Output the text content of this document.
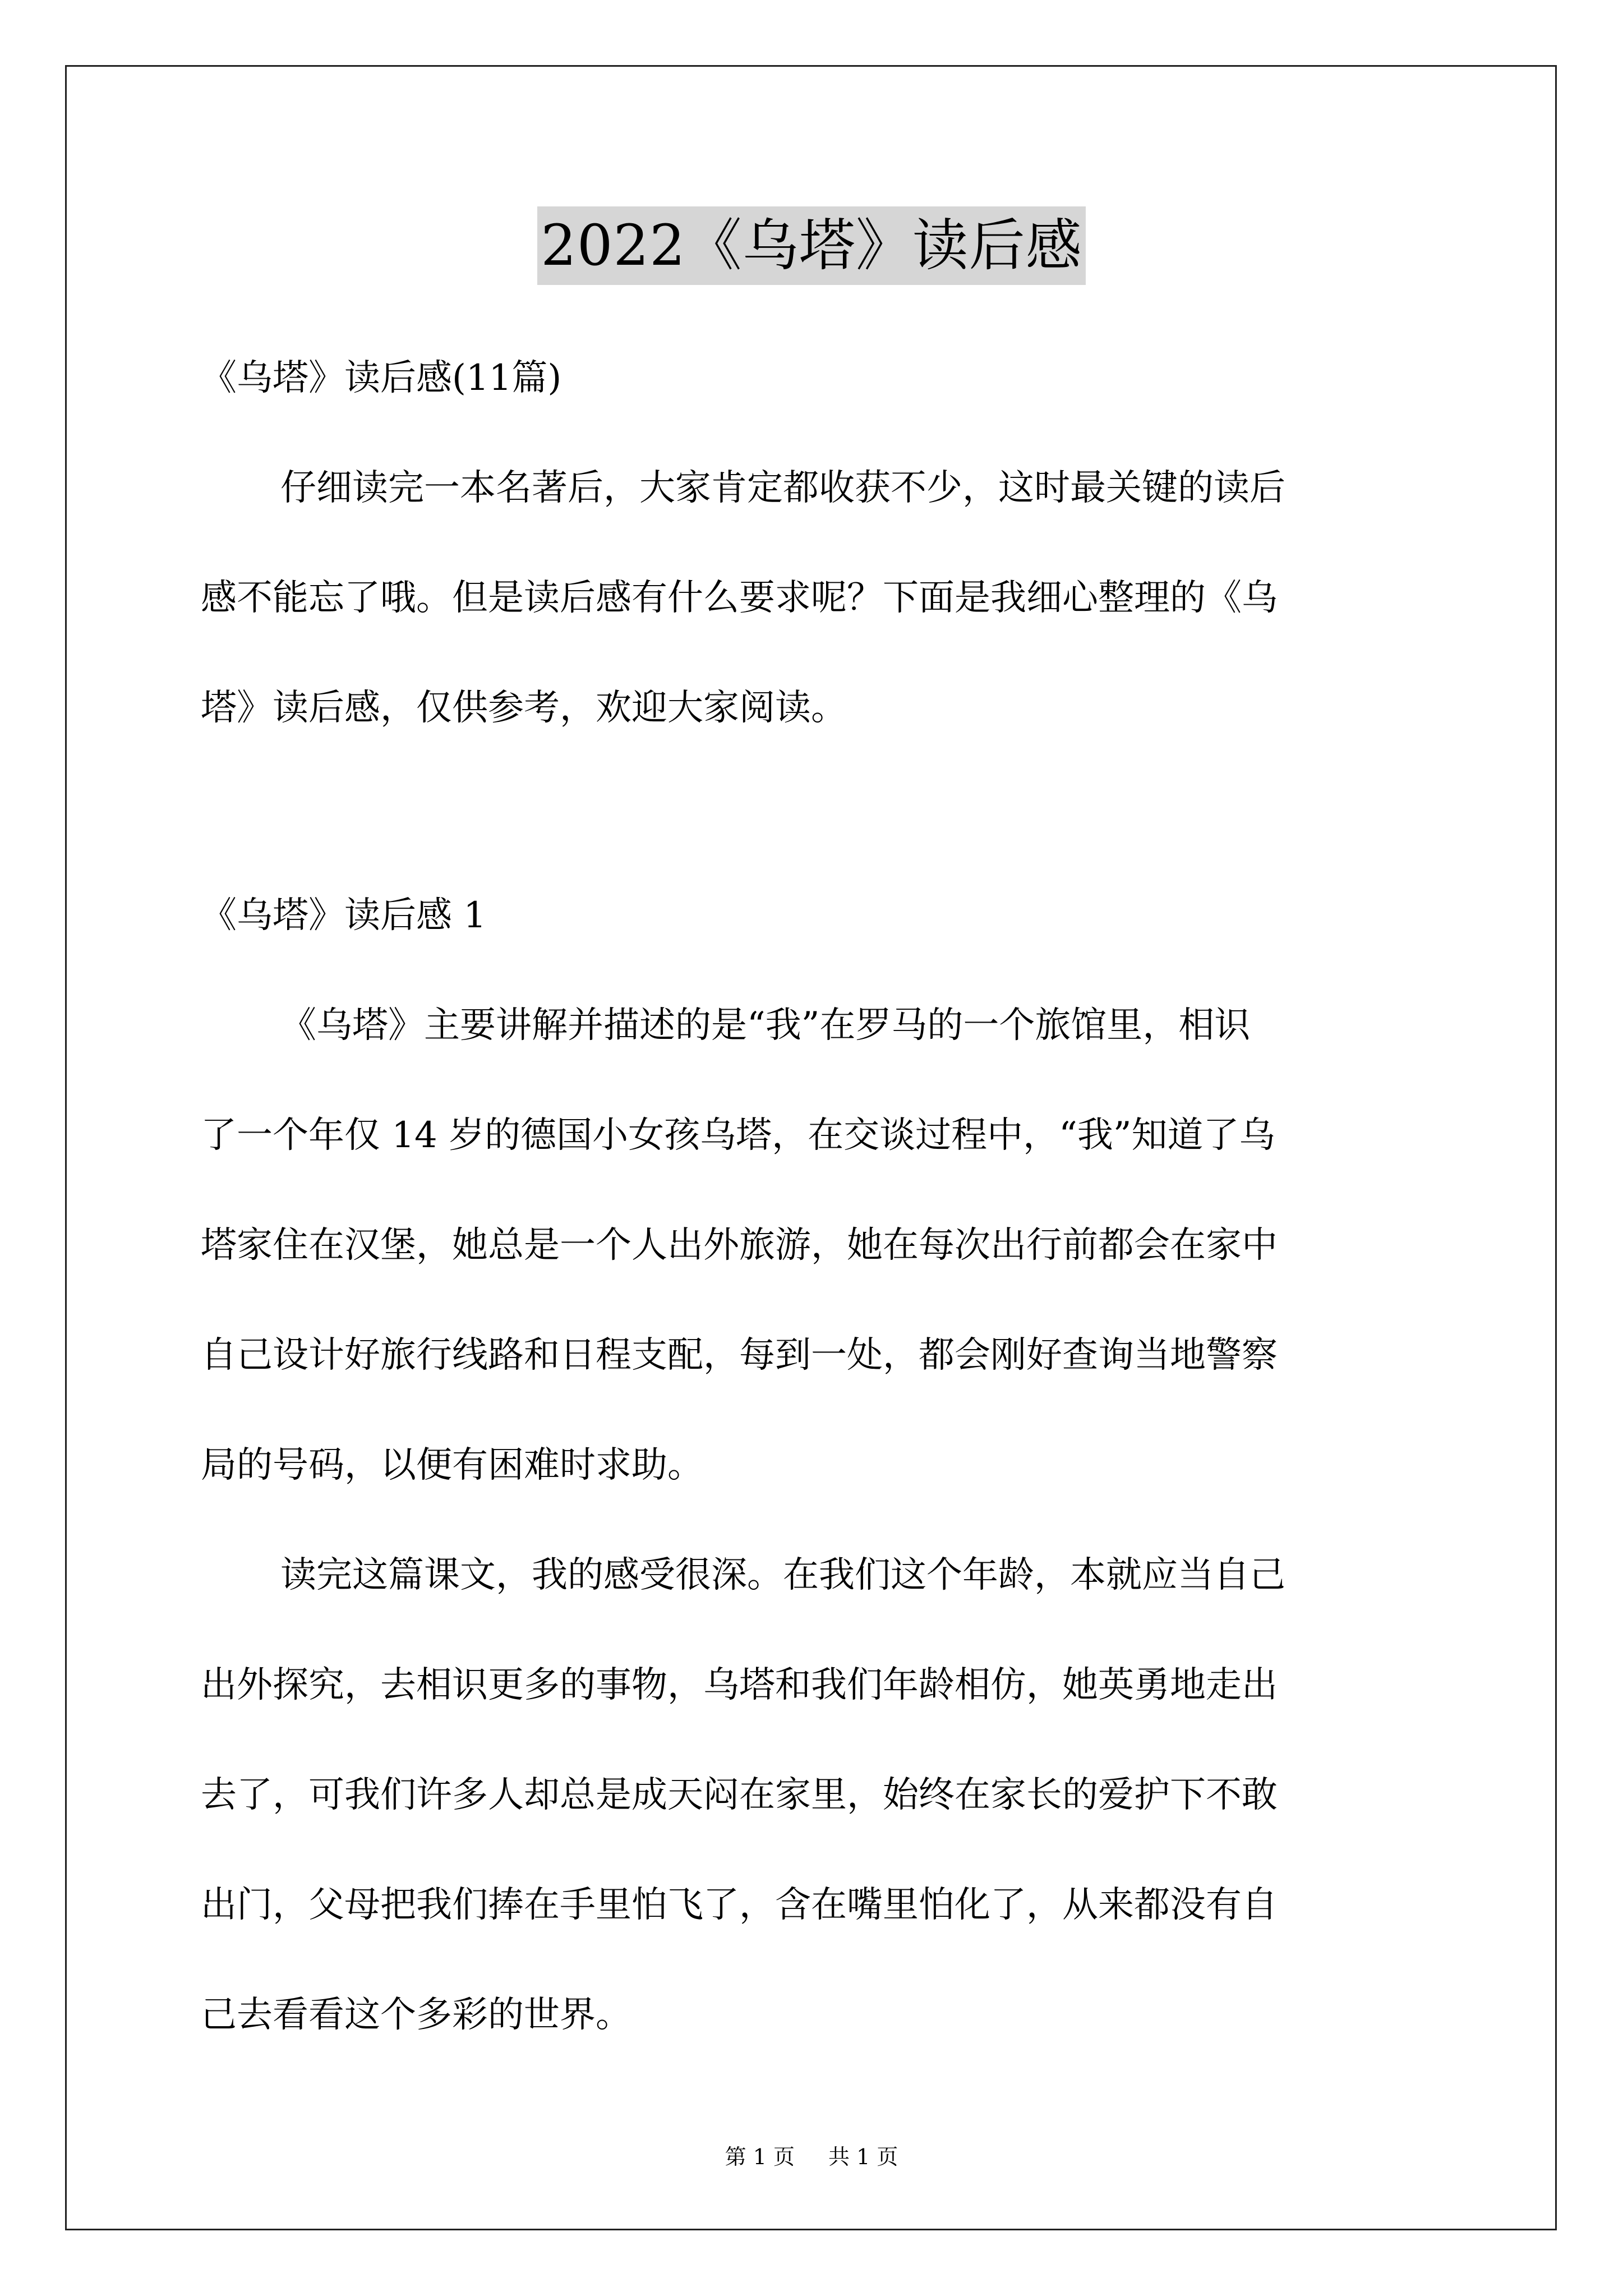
2022《乌塔》读后感
《乌塔》读后感(11篇)
仔细读完一本名著后，大家肯定都收获不少，这时最关键的读后
感不能忘了哦。但是读后感有什么要求呢？下面是我细心整理的《乌
塔》读后感，仅供参考，欢迎大家阅读。
《乌塔》读后感 1
《乌塔》主要讲解并描述的是“我”在罗马的一个旅馆里，相识
了一个年仅 14 岁的德国小女孩乌塔，在交谈过程中，“我”知道了乌
塔家住在汉堡，她总是一个人出外旅游，她在每次出行前都会在家中
自己设计好旅行线路和日程支配，每到一处，都会刚好查询当地警察
局的号码，以便有困难时求助。
读完这篇课文，我的感受很深。在我们这个年龄，本就应当自己
出外探究，去相识更多的事物，乌塔和我们年龄相仿，她英勇地走出
去了，可我们许多人却总是成天闷在家里，始终在家长的爱护下不敢
出门，父母把我们捧在手里怕飞了，含在嘴里怕化了，从来都没有自
己去看看这个多彩的世界。
第 1 页 共 1 页
